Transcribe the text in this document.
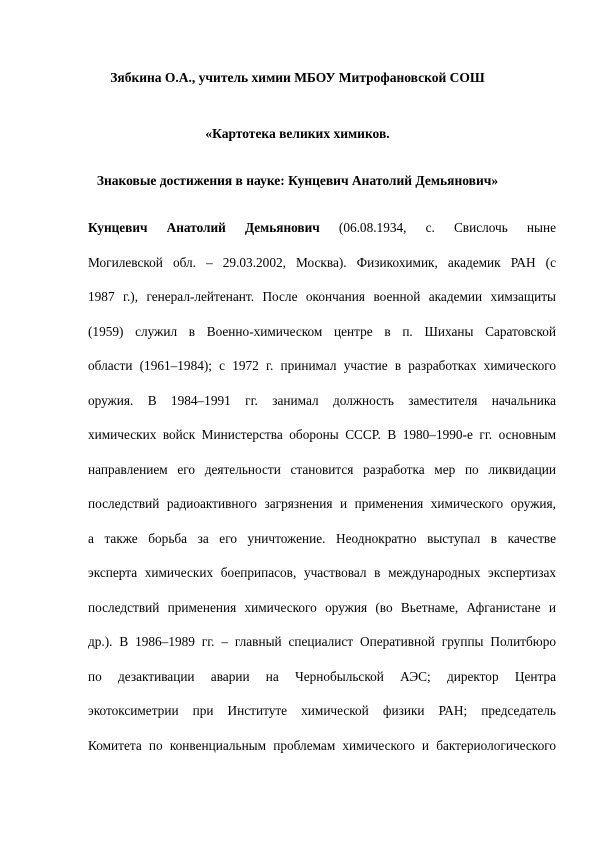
Зябкина О.А., учитель химии МБОУ Митрофановской СОШ
«Картотека великих химиков.
Знаковые достижения в науке: Кунцевич Анатолий Демьянович»
Кунцевич Анатолий Демьянович (06.08.1934, с. Свислочь ныне
Могилевской обл. – 29.03.2002, Москва). Физикохимик, академик РАН (с
1987 г.), генерал-лейтенант. После окончания военной академии химзащиты
(1959) служил в Военно-химическом центре в п. Шиханы Саратовской
области (1961–1984); с 1972 г. принимал участие в разработках химического
оружия. В 1984–1991 гг. занимал должность заместителя начальника
химических войск Министерства обороны СССР. В 1980–1990-е гг. основным
направлением его деятельности становится разработка мер по ликвидации
последствий радиоактивного загрязнения и применения химического оружия,
а также борьба за его уничтожение. Неоднократно выступал в качестве
эксперта химических боеприпасов, участвовал в международных экспертизах
последствий применения химического оружия (во Вьетнаме, Афганистане и
др.). В 1986–1989 гг. – главный специалист Оперативной группы Политбюро
по дезактивации аварии на Чернобыльской АЭС; директор Центра
экотоксиметрии при Институте химической физики РАН; председатель
Комитета по конвенциальным проблемам химического и бактериологического
